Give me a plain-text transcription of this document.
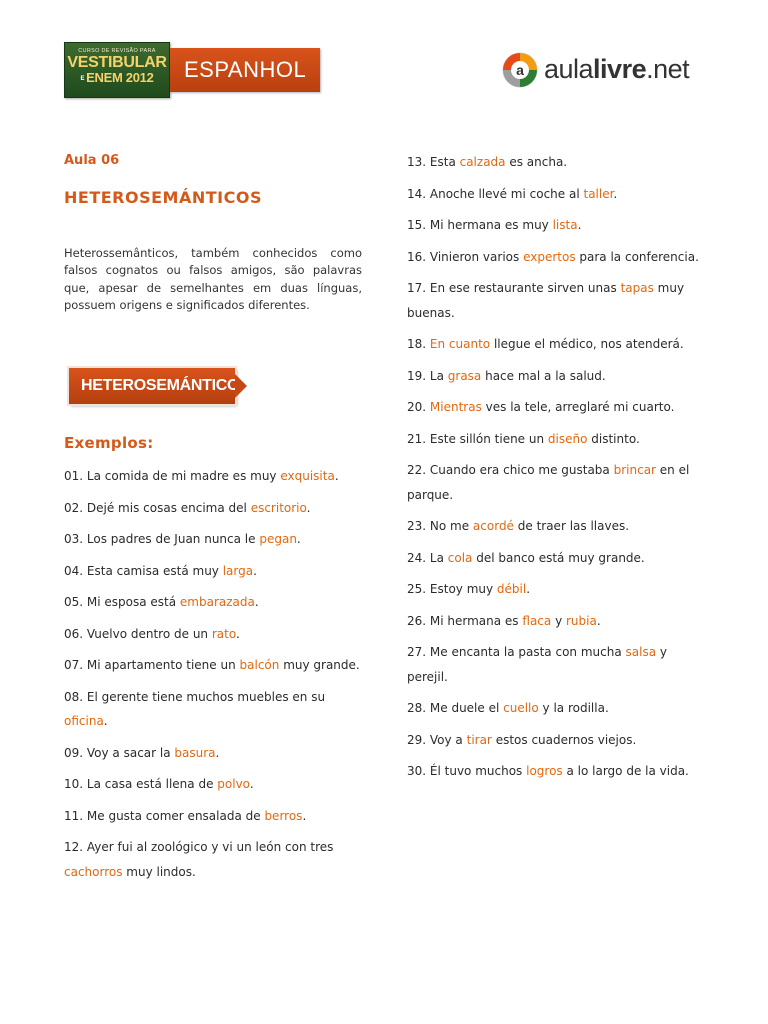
CURSO DE REVISÃO PARA
VESTIBULAR
E ENEM 2012	ESPANHOL	a aulalivre.net

Aula 06

HETEROSEMÁNTICOS

Heterossemânticos, também conhecidos como falsos cognatos ou falsos amigos, são palavras que, apesar de semelhantes em duas línguas, possuem origens e significados diferentes.

HETEROSEMÁNTICOS
Exemplos:
01. La comida de mi madre es muy exquisita.
02. Dejé mis cosas encima del escritorio.
03. Los padres de Juan nunca le pegan.
04. Esta camisa está muy larga.
05. Mi esposa está embarazada.
06. Vuelvo dentro de un rato.
07. Mi apartamento tiene un balcón muy grande.
08. El gerente tiene muchos muebles en su oficina.
09. Voy a sacar la basura.
10. La casa está llena de polvo.
11. Me gusta comer ensalada de berros.
12. Ayer fui al zoológico y vi un león con tres cachorros muy lindos.
13. Esta calzada es ancha.
14. Anoche llevé mi coche al taller.
15. Mi hermana es muy lista.
16. Vinieron varios expertos para la conferencia.
17. En ese restaurante sirven unas tapas muy buenas.
18. En cuanto llegue el médico, nos atenderá.
19. La grasa hace mal a la salud.
20. Mientras ves la tele, arreglaré mi cuarto.
21. Este sillón tiene un diseño distinto.
22. Cuando era chico me gustaba brincar en el parque.
23. No me acordé de traer las llaves.
24. La cola del banco está muy grande.
25. Estoy muy débil.
26. Mi hermana es flaca y rubia.
27. Me encanta la pasta con mucha salsa y perejil.
28. Me duele el cuello y la rodilla.
29. Voy a tirar estos cuadernos viejos.
30. Él tuvo muchos logros a lo largo de la vida.
